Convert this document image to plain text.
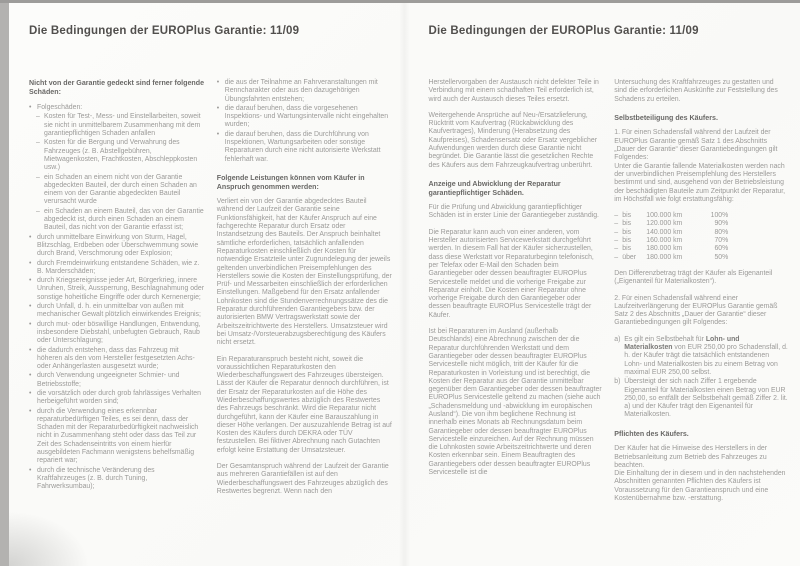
Die Bedingungen der EUROPlus Garantie: 11/09
Nicht von der Garantie gedeckt sind ferner folgende Schäden:
• Folgeschäden:
– Kosten für Test-, Mess- und Einstellarbeiten, soweit sie nicht in unmittelbarem Zusammenhang mit dem garantiepflichtigen Schaden anfallen
– Kosten für die Bergung und Verwahrung des Fahrzeuges (z. B. Abstellgebühren, Mietwagenkosten, Frachtkosten, Abschleppkosten usw.)
– ein Schaden an einem nicht von der Garantie abgedeckten Bauteil, der durch einen Schaden an einem von der Garantie abgedeckten Bauteil verursacht wurde
– ein Schaden an einem Bauteil, das von der Garantie abgedeckt ist, durch einen Schaden an einem Bauteil, das nicht von der Garantie erfasst ist;
• durch unmittelbare Einwirkung von Sturm, Hagel, Blitzschlag, Erdbeben oder Überschwemmung sowie durch Brand, Verschmorung oder Explosion;
• durch Fremdeinwirkung entstandene Schäden, wie z. B. Marderschäden;
• durch Kriegsereignisse jeder Art, Bürgerkrieg, innere Unruhen, Streik, Aussperrung, Beschlagnahmung oder sonstige hoheitliche Eingriffe oder durch Kernenergie;
• durch Unfall, d. h. ein unmittelbar von außen mit mechanischer Gewalt plötzlich einwirkendes Ereignis;
• durch mut- oder böswillige Handlungen, Entwendung, insbesondere Diebstahl, unbefugten Gebrauch, Raub oder Unterschlagung;
• die dadurch entstehen, dass das Fahrzeug mit höheren als den vom Hersteller festgesetzten Achs- oder Anhängerlasten ausgesetzt wurde;
• durch Verwendung ungeeigneter Schmier- und Betriebsstoffe;
• die vorsätzlich oder durch grob fahrlässiges Verhalten herbeigeführt worden sind;
• durch die Verwendung eines erkennbar reparaturbedürftigen Teiles, es sei denn, dass der Schaden mit der Reparaturbedürftigkeit nachweislich nicht in Zusammenhang steht oder dass das Teil zur Zeit des Schadenseintritts von einem hierfür ausgebildeten Fachmann wenigstens behelfsmäßig repariert war;
• durch die technische Veränderung des Kraftfahrzeuges (z. B. durch Tuning, Fahrwerksumbau);
• die aus der Teilnahme an Fahrveranstaltungen mit Renncharakter oder aus den dazugehörigen Übungsfahrten entstehen;
• die darauf beruhen, dass die vorgesehenen Inspektions- und Wartungsintervalle nicht eingehalten wurden;
• die darauf beruhen, dass die Durchführung von Inspektionen, Wartungsarbeiten oder sonstige Reparaturen durch eine nicht autorisierte Werkstatt fehlerhaft war.
Folgende Leistungen können vom Käufer in Anspruch genommen werden:
Verliert ein von der Garantie abgedecktes Bauteil während der Laufzeit der Garantie seine Funktionsfähigkeit, hat der Käufer Anspruch auf eine fachgerechte Reparatur durch Ersatz oder Instandsetzung des Bauteils. Der Anspruch beinhaltet sämtliche erforderlichen, tatsächlich anfallenden Reparaturkosten einschließlich der Kosten für notwendige Ersatzteile unter Zugrundelegung der jeweils geltenden unverbindlichen Preisempfehlungen des Herstellers sowie die Kosten der Einstellungsprüfung, der Prüf- und Messarbeiten einschließlich der erforderlichen Einstellungen. Maßgebend für den Ersatz anfallender Lohnkosten sind die Stundenverrechnungssätze des die Reparatur durchführenden Garantiegebers bzw. der autorisierten BMW Vertragswerkstatt sowie der Arbeitszeitrichtwerte des Herstellers. Umsatzsteuer wird bei Umsatz-/Vorsteuerabzugsberechtigung des Käufers nicht ersetzt.
Ein Reparaturanspruch besteht nicht, soweit die voraussichtlichen Reparaturkosten den Wiederbeschaffungswert des Fahrzeuges übersteigen. Lässt der Käufer die Reparatur dennoch durchführen, ist der Ersatz der Reparaturkosten auf die Höhe des Wiederbeschaffungswertes abzüglich des Restwertes des Fahrzeugs beschränkt. Wird die Reparatur nicht durchgeführt, kann der Käufer eine Barauszahlung in dieser Höhe verlangen. Der auszuzahlende Betrag ist auf Kosten des Käufers durch DEKRA oder TÜV festzustellen. Bei fiktiver Abrechnung nach Gutachten erfolgt keine Erstattung der Umsatzsteuer.
Der Gesamtanspruch während der Laufzeit der Garantie aus mehreren Garantiefällen ist auf den Wiederbeschaffungswert des Fahrzeuges abzüglich des Restwertes begrenzt. Wenn nach den
Die Bedingungen der EUROPlus Garantie: 11/09
Herstellervorgaben der Austausch nicht defekter Teile in Verbindung mit einem schadhaften Teil erforderlich ist, wird auch der Austausch dieses Teiles ersetzt.
Weitergehende Ansprüche auf Neu-/Ersatzlieferung, Rücktritt vom Kaufvertrag (Rückabwicklung des Kaufvertrages), Minderung (Herabsetzung des Kaufpreises), Schadensersatz oder Ersatz vergeblicher Aufwendungen werden durch diese Garantie nicht begründet. Die Garantie lässt die gesetzlichen Rechte des Käufers aus dem Fahrzeugkaufvertrag unberührt.
Anzeige und Abwicklung der Reparatur garantiepflichtiger Schäden.
Für die Prüfung und Abwicklung garantiepflichtiger Schäden ist in erster Linie der Garantiegeber zuständig.
Die Reparatur kann auch von einer anderen, vom Hersteller autorisierten Servicewerkstatt durchgeführt werden. In diesem Fall hat der Käufer sicherzustellen, dass diese Werkstatt vor Reparaturbeginn telefonisch, per Telefax oder E-Mail den Schaden beim Garantiegeber oder dessen beauftragter EUROPlus Servicestelle meldet und die vorherige Freigabe zur Reparatur einholt. Die Kosten einer Reparatur ohne vorherige Freigabe durch den Garantiegeber oder dessen beauftragte EUROPlus Servicestelle trägt der Käufer.
Ist bei Reparaturen im Ausland (außerhalb Deutschlands) eine Abrechnung zwischen der die Reparatur durchführenden Werkstatt und dem Garantiegeber oder dessen beauftragter EUROPlus Servicestelle nicht möglich, tritt der Käufer für die Reparaturkosten in Vorleistung und ist berechtigt, die Kosten der Reparatur aus der Garantie unmittelbar gegenüber dem Garantiegeber oder dessen beauftragter EUROPlus Servicestelle geltend zu machen (siehe auch „Schadensmeldung und -abwicklung im europäischen Ausland“). Die von ihm beglichene Rechnung ist innerhalb eines Monats ab Rechnungsdatum beim Garantiegeber oder dessen beauftragter EUROPlus Servicestelle einzureichen. Auf der Rechnung müssen die Lohnkosten sowie Arbeitszeitrichtwerte und deren Kosten erkennbar sein. Einem Beauftragten des Garantiegebers oder dessen beauftragter EUROPlus Servicestelle ist die
Untersuchung des Kraftfahrzeuges zu gestatten und sind die erforderlichen Auskünfte zur Feststellung des Schadens zu erteilen.
Selbstbeteiligung des Käufers.
1. Für einen Schadensfall während der Laufzeit der EUROPlus Garantie gemäß Satz 1 des Abschnitts „Dauer der Garantie“ dieser Garantiebedingungen gilt Folgendes:
Unter die Garantie fallende Materialkosten werden nach der unverbindlichen Preisempfehlung des Herstellers bestimmt und sind, ausgehend von der Betriebsleistung der beschädigten Bauteile zum Zeitpunkt der Reparatur, im Höchstfall wie folgt erstattungsfähig:
– bis	100.000 km	100%
– bis	120.000 km	90%
– bis	140.000 km	80%
– bis	160.000 km	70%
– bis	180.000 km	60%
– über	180.000 km	50%
Den Differenzbetrag trägt der Käufer als Eigenanteil („Eigenanteil für Materialkosten“).
2. Für einen Schadensfall während einer Laufzeitverlängerung der EUROPlus Garantie gemäß Satz 2 des Abschnitts „Dauer der Garantie“ dieser Garantiebedingungen gilt Folgendes:
a) Es gilt ein Selbstbehalt für Lohn- und Materialkosten von EUR 250,00 pro Schadensfall, d. h. der Käufer trägt die tatsächlich entstandenen Lohn- und Materialkosten bis zu einem Betrag von maximal EUR 250,00 selbst.
b) Übersteigt der sich nach Ziffer 1 ergebende Eigenanteil für Materialkosten einen Betrag von EUR 250,00, so entfällt der Selbstbehalt gemäß Ziffer 2. lit. a) und der Käufer trägt den Eigenanteil für Materialkosten.
Pflichten des Käufers.
Der Käufer hat die Hinweise des Herstellers in der Betriebsanleitung zum Betrieb des Fahrzeuges zu beachten.
Die Einhaltung der in diesem und in den nachstehenden Abschnitten genannten Pflichten des Käufers ist Voraussetzung für den Garantieanspruch und eine Kostenübernahme bzw. -erstattung.
